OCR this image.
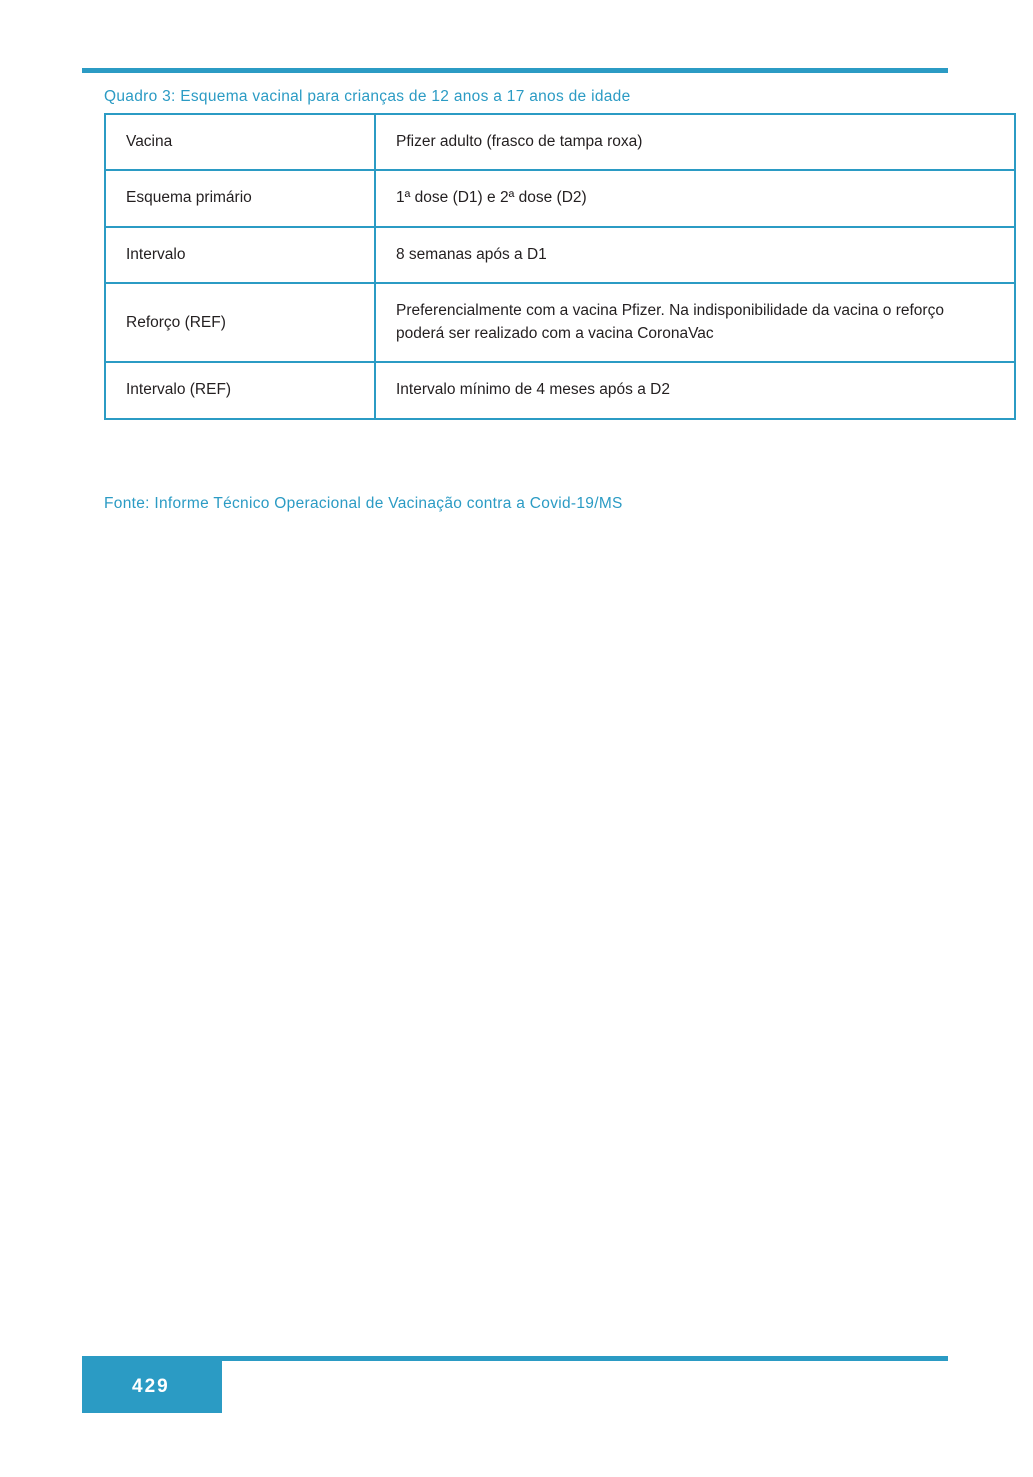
Quadro 3: Esquema vacinal para crianças de 12 anos a 17 anos de idade
Vacina	Pfizer adulto (frasco de tampa roxa)
Esquema primário	1ª dose (D1) e 2ª dose (D2)
Intervalo	8 semanas após a D1
Reforço (REF)	Preferencialmente com a vacina Pfizer. Na indisponibilidade da vacina o reforço poderá ser realizado com a vacina CoronaVac
Intervalo (REF)	Intervalo mínimo de 4 meses após a D2
Fonte: Informe Técnico Operacional de Vacinação contra a Covid-19/MS
429
